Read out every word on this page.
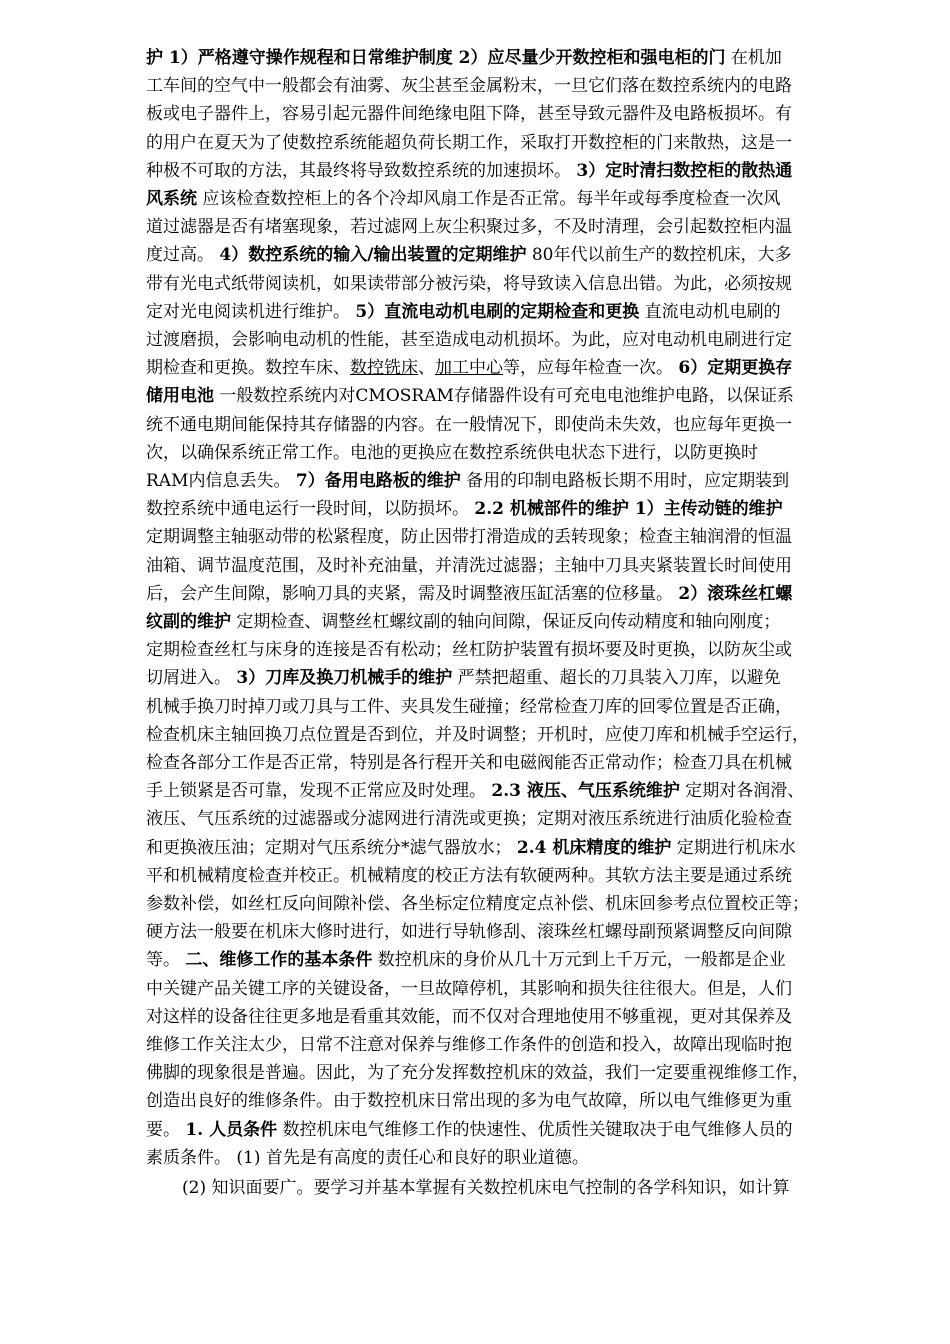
护 1）严格遵守操作规程和日常维护制度 2）应尽量少开数控柜和强电柜的门 在机加
工车间的空气中一般都会有油雾、灰尘甚至金属粉末，一旦它们落在数控系统内的电路
板或电子器件上，容易引起元器件间绝缘电阻下降，甚至导致元器件及电路板损坏。有
的用户在夏天为了使数控系统能超负荷长期工作，采取打开数控柜的门来散热，这是一
种极不可取的方法，其最终将导致数控系统的加速损坏。 3）定时清扫数控柜的散热通
风系统 应该检查数控柜上的各个冷却风扇工作是否正常。每半年或每季度检查一次风
道过滤器是否有堵塞现象，若过滤网上灰尘积聚过多，不及时清理，会引起数控柜内温
度过高。 4）数控系统的输入/输出装置的定期维护 80年代以前生产的数控机床，大多
带有光电式纸带阅读机，如果读带部分被污染，将导致读入信息出错。为此，必须按规
定对光电阅读机进行维护。 5）直流电动机电刷的定期检查和更换 直流电动机电刷的
过渡磨损，会影响电动机的性能，甚至造成电动机损坏。为此，应对电动机电刷进行定
期检查和更换。数控车床、数控铣床、加工中心等，应每年检查一次。 6）定期更换存
储用电池 一般数控系统内对CMOSRAM存储器件设有可充电电池维护电路，以保证系
统不通电期间能保持其存储器的内容。在一般情况下，即使尚未失效，也应每年更换一
次，以确保系统正常工作。电池的更换应在数控系统供电状态下进行，以防更换时
RAM内信息丢失。 7）备用电路板的维护 备用的印制电路板长期不用时，应定期装到
数控系统中通电运行一段时间，以防损坏。 2.2 机械部件的维护 1）主传动链的维护
定期调整主轴驱动带的松紧程度，防止因带打滑造成的丢转现象；检查主轴润滑的恒温
油箱、调节温度范围，及时补充油量，并清洗过滤器；主轴中刀具夹紧装置长时间使用
后，会产生间隙，影响刀具的夹紧，需及时调整液压缸活塞的位移量。 2）滚珠丝杠螺
纹副的维护 定期检查、调整丝杠螺纹副的轴向间隙，保证反向传动精度和轴向刚度；
定期检查丝杠与床身的连接是否有松动；丝杠防护装置有损坏要及时更换，以防灰尘或
切屑进入。 3）刀库及换刀机械手的维护 严禁把超重、超长的刀具装入刀库，以避免
机械手换刀时掉刀或刀具与工件、夹具发生碰撞；经常检查刀库的回零位置是否正确，
检查机床主轴回换刀点位置是否到位，并及时调整；开机时，应使刀库和机械手空运行，
检查各部分工作是否正常，特别是各行程开关和电磁阀能否正常动作；检查刀具在机械
手上锁紧是否可靠，发现不正常应及时处理。 2.3 液压、气压系统维护 定期对各润滑、
液压、气压系统的过滤器或分滤网进行清洗或更换；定期对液压系统进行油质化验检查
和更换液压油；定期对气压系统分*滤气器放水； 2.4 机床精度的维护 定期进行机床水
平和机械精度检查并校正。机械精度的校正方法有软硬两种。其软方法主要是通过系统
参数补偿，如丝杠反向间隙补偿、各坐标定位精度定点补偿、机床回参考点位置校正等；
硬方法一般要在机床大修时进行，如进行导轨修刮、滚珠丝杠螺母副预紧调整反向间隙
等。 二、维修工作的基本条件 数控机床的身价从几十万元到上千万元，一般都是企业
中关键产品关键工序的关键设备，一旦故障停机，其影响和损失往往很大。但是，人们
对这样的设备往往更多地是看重其效能，而不仅对合理地使用不够重视，更对其保养及
维修工作关注太少，日常不注意对保养与维修工作条件的创造和投入，故障出现临时抱
佛脚的现象很是普遍。因此，为了充分发挥数控机床的效益，我们一定要重视维修工作，
创造出良好的维修条件。由于数控机床日常出现的多为电气故障，所以电气维修更为重
要。 1. 人员条件 数控机床电气维修工作的快速性、优质性关键取决于电气维修人员的
素质条件。 (1) 首先是有高度的责任心和良好的职业道德。
(2) 知识面要广。要学习并基本掌握有关数控机床电气控制的各学科知识，如计算
